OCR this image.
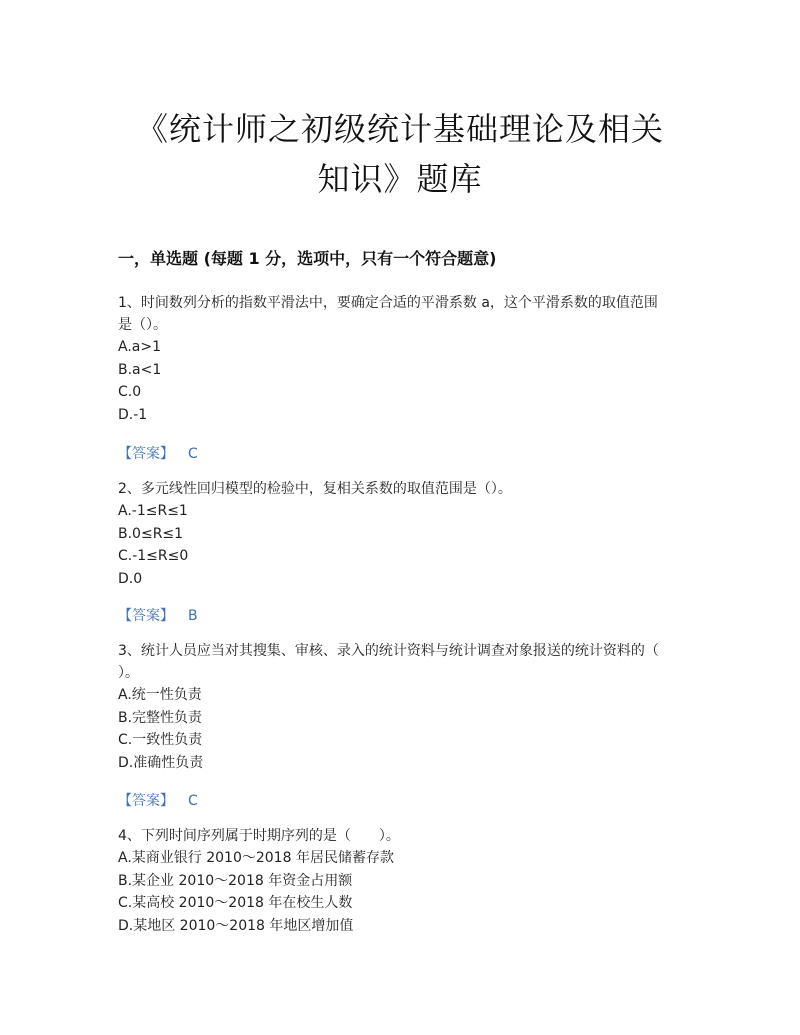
《统计师之初级统计基础理论及相关
知识》题库
一，单选题 (每题 1 分，选项中，只有一个符合题意)

1、时间数列分析的指数平滑法中，要确定合适的平滑系数 a，这个平滑系数的取值范围

是（）。

A.a>1

B.a<1

C.0

D.-1

【答案】 C

2、多元线性回归模型的检验中，复相关系数的取值范围是（）。

A.-1≤R≤1

B.0≤R≤1

C.-1≤R≤0

D.0

【答案】 B

3、统计人员应当对其搜集、审核、录入的统计资料与统计调查对象报送的统计资料的（

）。

A.统一性负责

B.完整性负责

C.一致性负责

D.准确性负责

【答案】 C

4、下列时间序列属于时期序列的是（　　）。

A.某商业银行 2010～2018 年居民储蓄存款

B.某企业 2010～2018 年资金占用额

C.某高校 2010～2018 年在校生人数

D.某地区 2010～2018 年地区增加值
